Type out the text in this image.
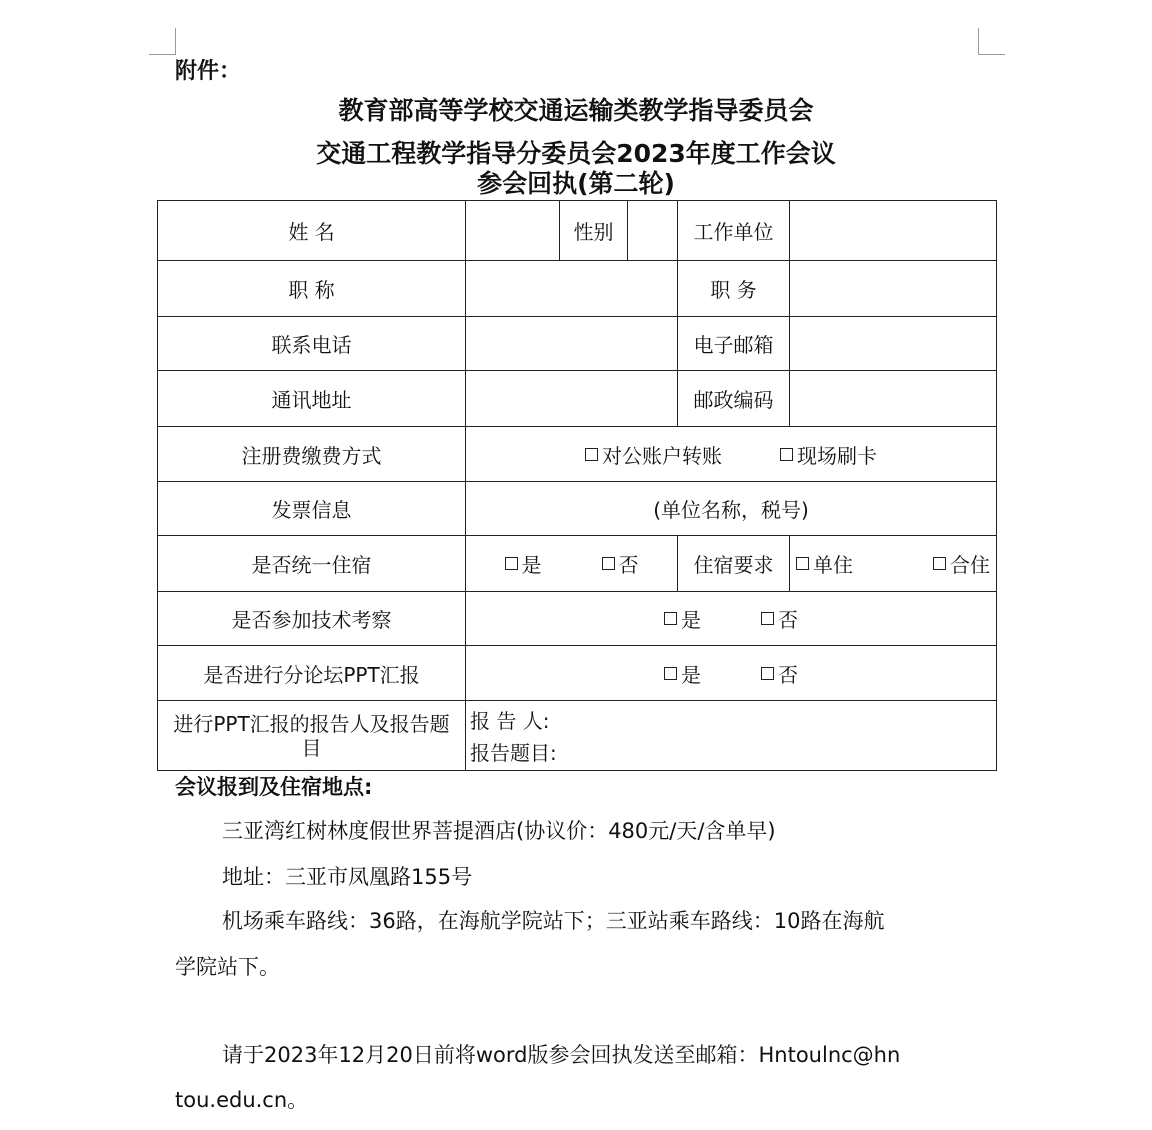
附件：
教育部高等学校交通运输类教学指导委员会
交通工程教学指导分委员会2023年度工作会议
参会回执(第二轮)
姓 名		性别		工作单位	
职 称				职 务	
联系电话				电子邮箱	
通讯地址				邮政编码	
注册费缴费方式	对公账户转账 现场刷卡				

发票信息	(单位名称，税号)				
是否统一住宿	是 否			住宿要求	单住 合住

是否参加技术考察	是 否				

是否进行分论坛PPT汇报	是 否				

进行PPT汇报的报告人及报告题目	报 告 人:
报告题目:				
会议报到及住宿地点:
三亚湾红树林度假世界菩提酒店(协议价：480元/天/含单早)
地址：三亚市凤凰路155号
机场乘车路线：36路，在海航学院站下；三亚站乘车路线：10路在海航
学院站下。
请于2023年12月20日前将word版参会回执发送至邮箱：Hntoulnc@hn
tou.edu.cn。
